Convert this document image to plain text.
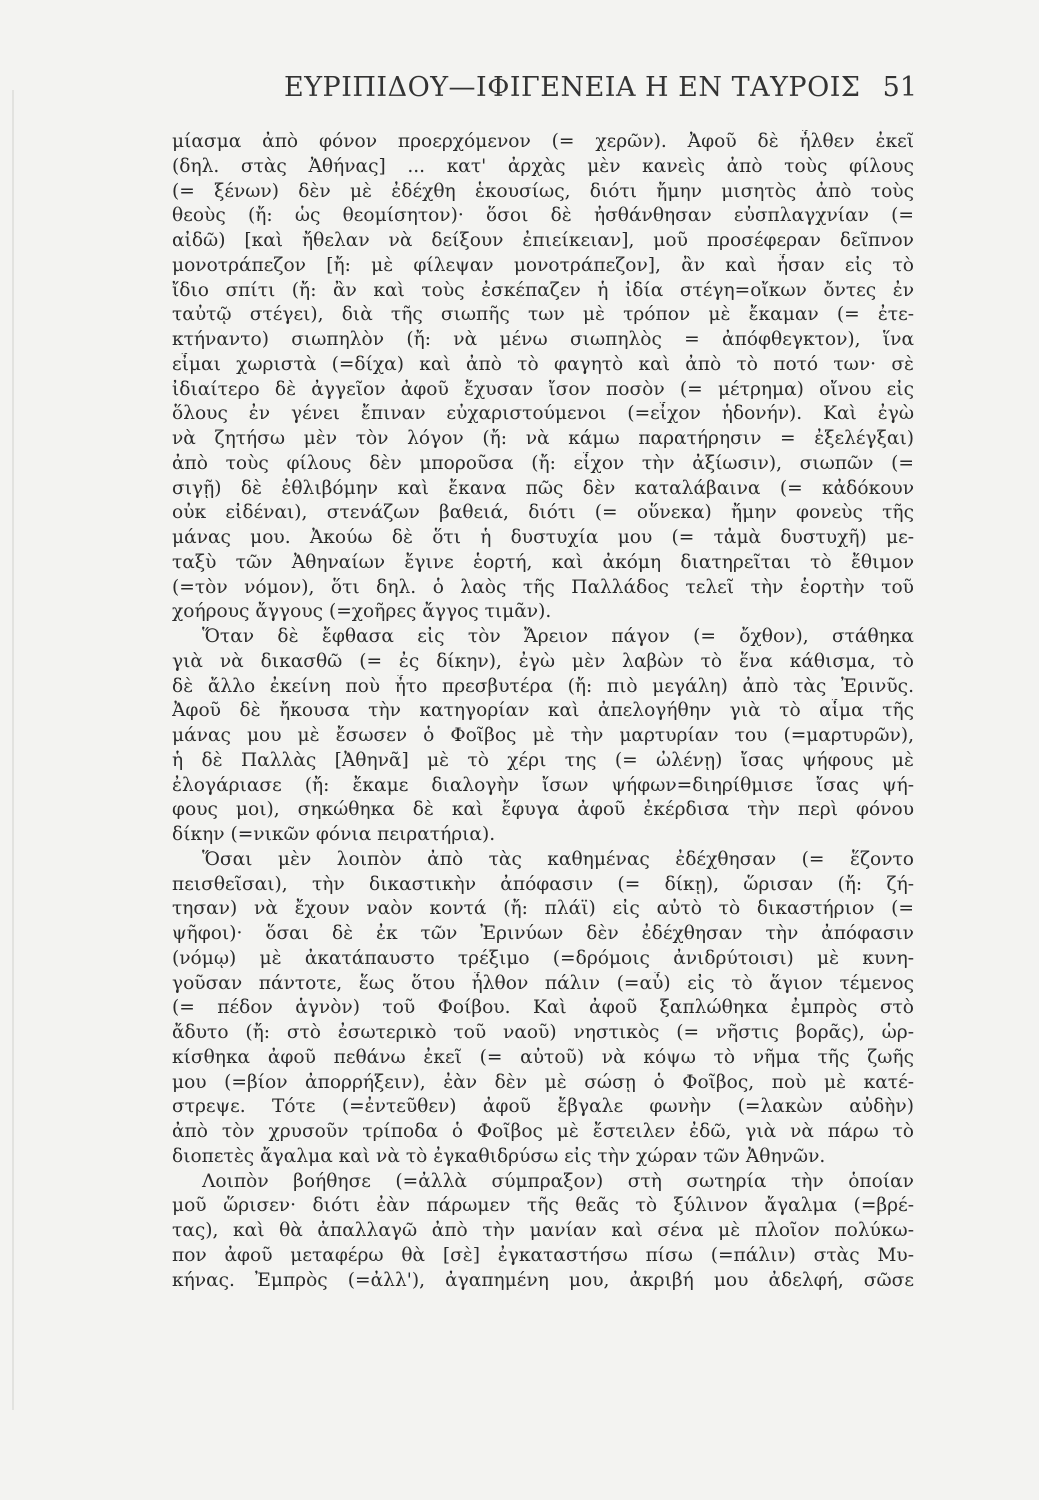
ΕΥΡΙΠΙΔΟΥ—ΙΦΙΓΕΝΕΙΑ Η ΕΝ ΤΑΥΡΟΙΣ 51
μίασμα ἀπὸ φόνον προερχόμενον (= χερῶν). Ἀφοῦ δὲ ἦλθεν ἐκεῖ
(δηλ. στὰς Ἀθήνας] ... κατ' ἀρχὰς μὲν κανεὶς ἀπὸ τοὺς φίλους
(= ξένων) δὲν μὲ ἐδέχθη ἑκουσίως, διότι ἤμην μισητὸς ἀπὸ τοὺς
θεοὺς (ἤ: ὡς θεομίσητον)· ὅσοι δὲ ἠσθάνθησαν εὐσπλαγχνίαν (=
αἰδῶ) [καὶ ἤθελαν νὰ δείξουν ἐπιείκειαν], μοῦ προσέφεραν δεῖπνον
μονοτράπεζον [ἤ: μὲ φίλεψαν μονοτράπεζον], ἂν καὶ ἦσαν εἰς τὸ
ἴδιο σπίτι (ἤ: ἂν καὶ τοὺς ἐσκέπαζεν ἡ ἰδία στέγη=οἴκων ὄντες ἐν
ταὐτῷ στέγει), διὰ τῆς σιωπῆς των μὲ τρόπον μὲ ἔκαμαν (= ἐτε-
κτήναντο) σιωπηλὸν (ἤ: νὰ μένω σιωπηλὸς = ἀπόφθεγκτον), ἵνα
εἶμαι χωριστὰ (=δίχα) καὶ ἀπὸ τὸ φαγητὸ καὶ ἀπὸ τὸ ποτό των· σὲ
ἰδιαίτερο δὲ ἀγγεῖον ἀφοῦ ἔχυσαν ἴσον ποσὸν (= μέτρημα) οἴνου εἰς
ὅλους ἐν γένει ἔπιναν εὐχαριστούμενοι (=εἶχον ἡδονήν). Καὶ ἐγὼ
νὰ ζητήσω μὲν τὸν λόγον (ἤ: νὰ κάμω παρατήρησιν = ἐξελέγξαι)
ἀπὸ τοὺς φίλους δὲν μποροῦσα (ἤ: εἶχον τὴν ἀξίωσιν), σιωπῶν (=
σιγῇ) δὲ ἐθλιβόμην καὶ ἔκανα πῶς δὲν καταλάβαινα (= κἀδόκουν
οὐκ εἰδέναι), στενάζων βαθειά, διότι (= οὕνεκα) ἤμην φονεὺς τῆς
μάνας μου. Ἀκούω δὲ ὅτι ἡ δυστυχία μου (= τἀμὰ δυστυχῆ) με-
ταξὺ τῶν Ἀθηναίων ἔγινε ἑορτή, καὶ ἀκόμη διατηρεῖται τὸ ἔθιμον
(=τὸν νόμον), ὅτι δηλ. ὁ λαὸς τῆς Παλλάδος τελεῖ τὴν ἑορτὴν τοῦ
χοήρους ἄγγους (=χοῆρες ἄγγος τιμᾶν).
Ὅταν δὲ ἔφθασα εἰς τὸν Ἄρειον πάγον (= ὄχθον), στάθηκα
γιὰ νὰ δικασθῶ (= ἐς δίκην), ἐγὼ μὲν λαβὼν τὸ ἕνα κάθισμα, τὸ
δὲ ἄλλο ἐκείνη ποὺ ἦτο πρεσβυτέρα (ἤ: πιὸ μεγάλη) ἀπὸ τὰς Ἐρινῦς.
Ἀφοῦ δὲ ἤκουσα τὴν κατηγορίαν καὶ ἀπελογήθην γιὰ τὸ αἷμα τῆς
μάνας μου μὲ ἔσωσεν ὁ Φοῖβος μὲ τὴν μαρτυρίαν του (=μαρτυρῶν),
ἡ δὲ Παλλὰς [Ἀθηνᾶ] μὲ τὸ χέρι της (= ὠλένῃ) ἴσας ψήφους μὲ
ἐλογάριασε (ἤ: ἔκαμε διαλογὴν ἴσων ψήφων=διηρίθμισε ἴσας ψή-
φους μοι), σηκώθηκα δὲ καὶ ἔφυγα ἀφοῦ ἐκέρδισα τὴν περὶ φόνου
δίκην (=νικῶν φόνια πειρατήρια).
Ὅσαι μὲν λοιπὸν ἀπὸ τὰς καθημένας ἐδέχθησαν (= ἕζοντο
πεισθεῖσαι), τὴν δικαστικὴν ἀπόφασιν (= δίκῃ), ὥρισαν (ἤ: ζή-
τησαν) νὰ ἔχουν ναὸν κοντά (ἤ: πλάϊ) εἰς αὐτὸ τὸ δικαστήριον (=
ψῆφοι)· ὅσαι δὲ ἐκ τῶν Ἐρινύων δὲν ἐδέχθησαν τὴν ἀπόφασιν
(νόμῳ) μὲ ἀκατάπαυστο τρέξιμο (=δρόμοις ἀνιδρύτοισι) μὲ κυνη-
γοῦσαν πάντοτε, ἕως ὅτου ἦλθον πάλιν (=αὖ) εἰς τὸ ἅγιον τέμενος
(= πέδον ἁγνὸν) τοῦ Φοίβου. Καὶ ἀφοῦ ξαπλώθηκα ἐμπρὸς στὸ
ἄδυτο (ἤ: στὸ ἐσωτερικὸ τοῦ ναοῦ) νηστικὸς (= νῆστις βορᾶς), ὡρ-
κίσθηκα ἀφοῦ πεθάνω ἐκεῖ (= αὐτοῦ) νὰ κόψω τὸ νῆμα τῆς ζωῆς
μου (=βίον ἀπορρήξειν), ἐὰν δὲν μὲ σώσῃ ὁ Φοῖβος, ποὺ μὲ κατέ-
στρεψε. Τότε (=ἐντεῦθεν) ἀφοῦ ἔβγαλε φωνὴν (=λακὼν αὐδὴν)
ἀπὸ τὸν χρυσοῦν τρίποδα ὁ Φοῖβος μὲ ἔστειλεν ἐδῶ, γιὰ νὰ πάρω τὸ
διοπετὲς ἄγαλμα καὶ νὰ τὸ ἐγκαθιδρύσω εἰς τὴν χώραν τῶν Ἀθηνῶν.
Λοιπὸν βοήθησε (=ἀλλὰ σύμπραξον) στὴ σωτηρία τὴν ὁποίαν
μοῦ ὥρισεν· διότι ἐὰν πάρωμεν τῆς θεᾶς τὸ ξύλινον ἄγαλμα (=βρέ-
τας), καὶ θὰ ἀπαλλαγῶ ἀπὸ τὴν μανίαν καὶ σένα μὲ πλοῖον πολύκω-
πον ἀφοῦ μεταφέρω θὰ [σὲ] ἐγκαταστήσω πίσω (=πάλιν) στὰς Μυ-
κήνας. Ἐμπρὸς (=ἀλλ'), ἀγαπημένη μου, ἀκριβή μου ἀδελφή, σῶσε
